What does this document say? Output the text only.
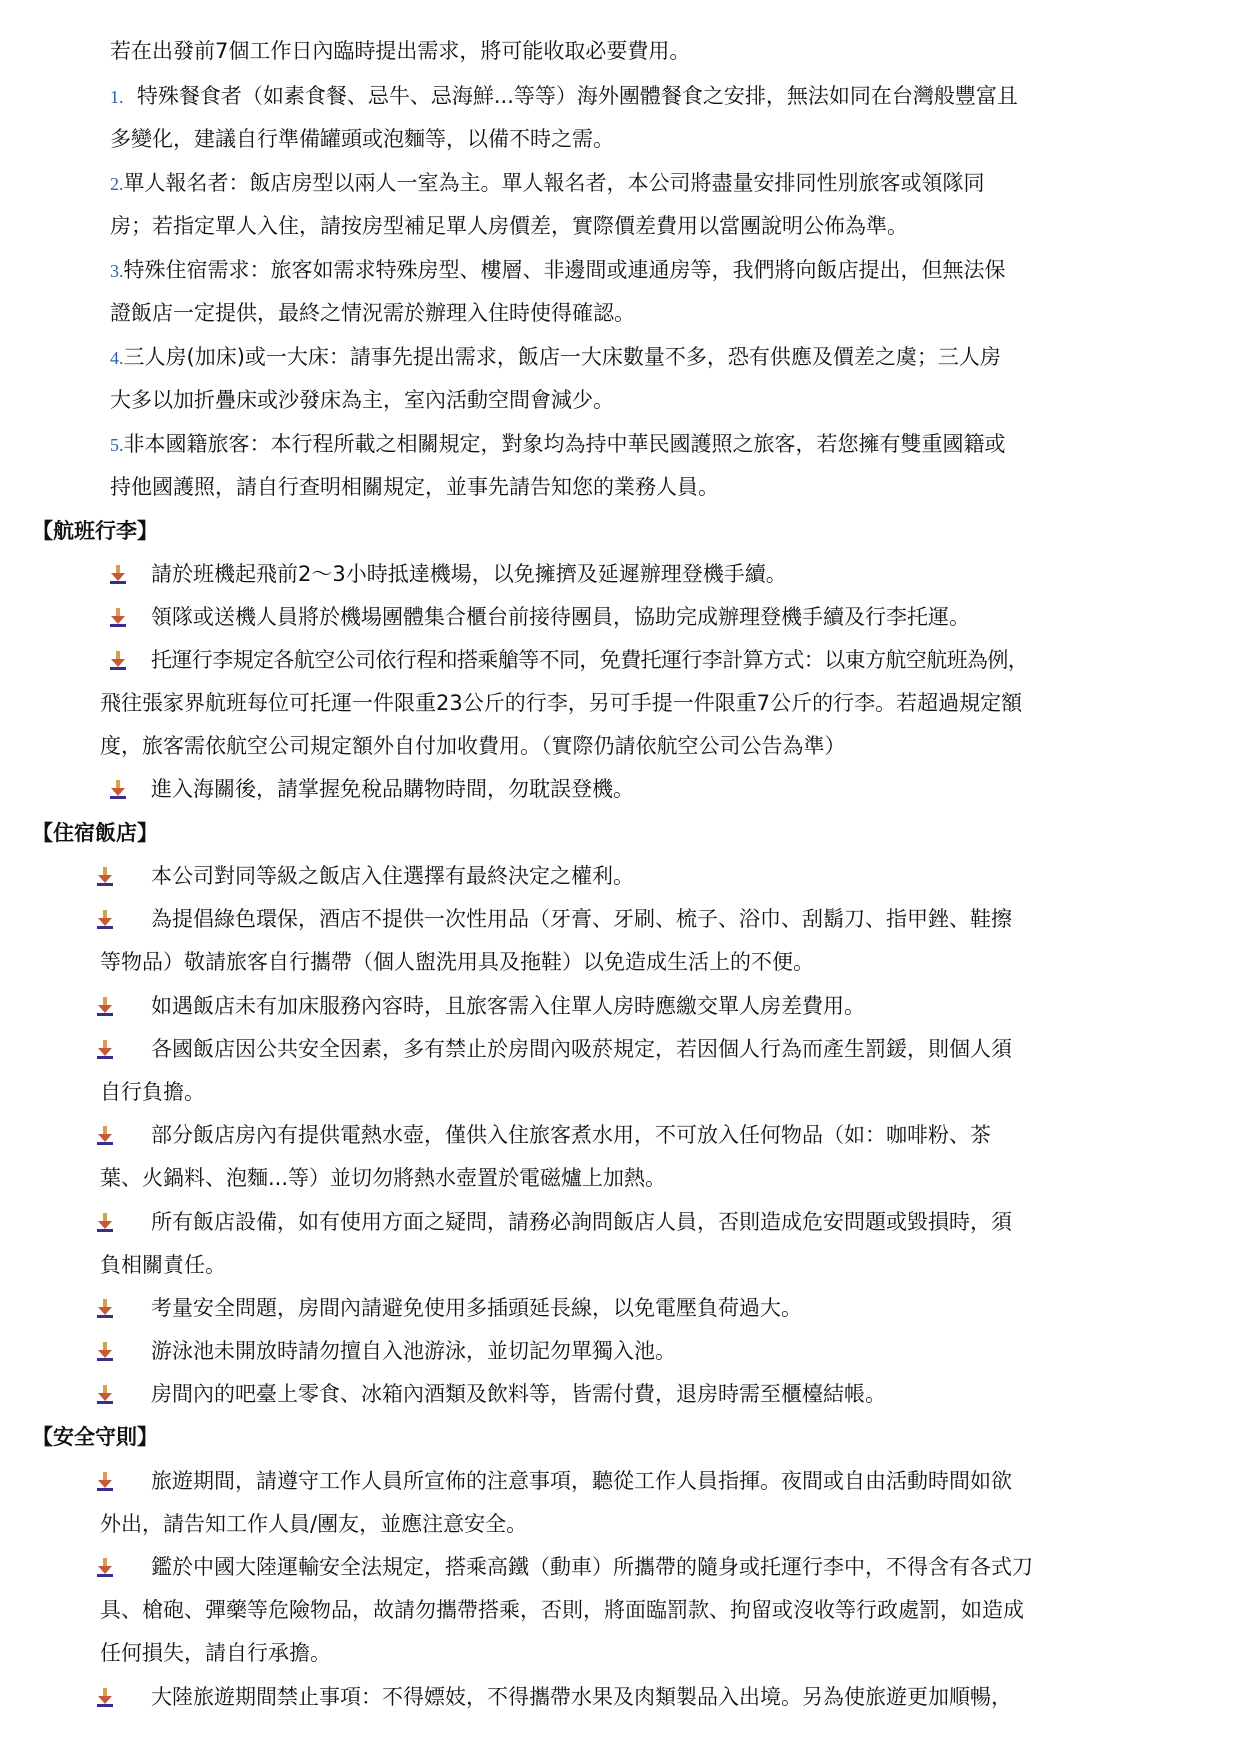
若在出發前7個工作日內臨時提出需求，將可能收取必要費用。
1. 特殊餐食者（如素食餐、忌牛、忌海鮮...等等）海外團體餐食之安排，無法如同在台灣般豐富且
多變化，建議自行準備罐頭或泡麵等，以備不時之需。
2.單人報名者：飯店房型以兩人一室為主。單人報名者，本公司將盡量安排同性別旅客或領隊同
房；若指定單人入住，請按房型補足單人房價差，實際價差費用以當團說明公佈為準。
3.特殊住宿需求：旅客如需求特殊房型、樓層、非邊間或連通房等，我們將向飯店提出，但無法保
證飯店一定提供，最終之情況需於辦理入住時使得確認。
4.三人房(加床)或一大床：請事先提出需求，飯店一大床數量不多，恐有供應及價差之虞；三人房
大多以加折疊床或沙發床為主，室內活動空間會減少。
5.非本國籍旅客：本行程所載之相關規定，對象均為持中華民國護照之旅客，若您擁有雙重國籍或
持他國護照，請自行查明相關規定，並事先請告知您的業務人員。
【航班行李】
請於班機起飛前2～3小時抵達機場，以免擁擠及延遲辦理登機手續。
領隊或送機人員將於機場團體集合櫃台前接待團員，協助完成辦理登機手續及行李托運。
托運行李規定各航空公司依行程和搭乘艙等不同，免費托運行李計算方式：以東方航空航班為例，
飛往張家界航班每位可托運一件限重23公斤的行李，另可手提一件限重7公斤的行李。若超過規定額
度，旅客需依航空公司規定額外自付加收費用。（實際仍請依航空公司公告為準）
進入海關後，請掌握免稅品購物時間，勿耽誤登機。
【住宿飯店】
本公司對同等級之飯店入住選擇有最終決定之權利。
為提倡綠色環保，酒店不提供一次性用品（牙膏、牙刷、梳子、浴巾、刮鬍刀、指甲銼、鞋擦
等物品）敬請旅客自行攜帶（個人盥洗用具及拖鞋）以免造成生活上的不便。
如遇飯店未有加床服務內容時，且旅客需入住單人房時應繳交單人房差費用。
各國飯店因公共安全因素，多有禁止於房間內吸菸規定，若因個人行為而產生罰鍰，則個人須
自行負擔。
部分飯店房內有提供電熱水壺，僅供入住旅客煮水用，不可放入任何物品（如：咖啡粉、茶
葉、火鍋料、泡麵...等）並切勿將熱水壺置於電磁爐上加熱。
所有飯店設備，如有使用方面之疑問，請務必詢問飯店人員，否則造成危安問題或毀損時，須
負相關責任。
考量安全問題，房間內請避免使用多插頭延長線，以免電壓負荷過大。
游泳池未開放時請勿擅自入池游泳，並切記勿單獨入池。
房間內的吧臺上零食、冰箱內酒類及飲料等，皆需付費，退房時需至櫃檯結帳。
【安全守則】
旅遊期間，請遵守工作人員所宣佈的注意事項，聽從工作人員指揮。夜間或自由活動時間如欲
外出，請告知工作人員/團友，並應注意安全。
鑑於中國大陸運輸安全法規定，搭乘高鐵（動車）所攜帶的隨身或托運行李中，不得含有各式刀
具、槍砲、彈藥等危險物品，故請勿攜帶搭乘，否則，將面臨罰款、拘留或沒收等行政處罰，如造成
任何損失，請自行承擔。
大陸旅遊期間禁止事項：不得嫖妓，不得攜帶水果及肉類製品入出境。另為使旅遊更加順暢，
